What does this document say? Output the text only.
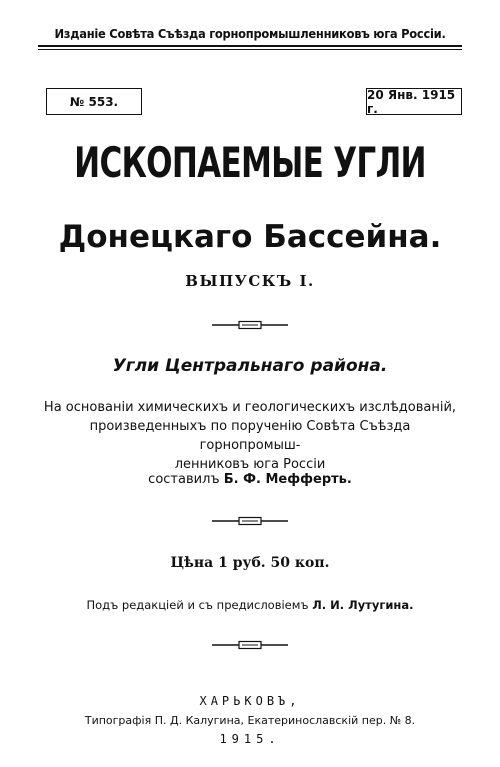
Изданіе Совѣта Съѣзда горнопромышленниковъ юга Россіи.
№ 553.	20 Янв. 1915 г.
ИСКОПАЕМЫЕ УГЛИ
Донецкаго Бассейна.
ВЫПУСКЪ I.
Угли Центральнаго района.
На основаніи химическихъ и геологическихъ изслѣдованій,
произведенныхъ по порученію Совѣта Съѣзда горнопромыш-
ленниковъ юга Россіи
составилъ Б. Ф. Мефферть.
Цѣна 1 руб. 50 коп.
Подъ редакціей и съ предисловіемъ Л. И. Лутугина.
ХАРЬКОВЪ,
Типографія П. Д. Калугина, Екатеринославскій пер. № 8.
1915.
